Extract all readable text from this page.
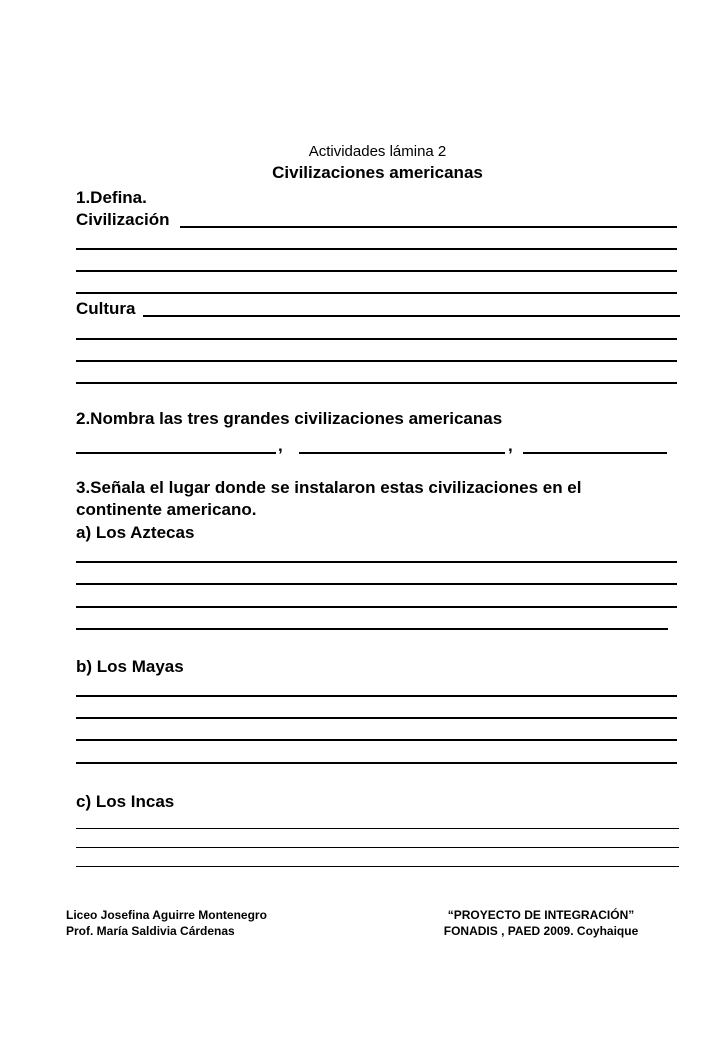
Actividades lámina 2
Civilizaciones americanas
1.Defina.
Civilización
Cultura
2.Nombra las tres grandes civilizaciones americanas
,	,
3.Señala el lugar donde se instalaron estas civilizaciones en el
continente americano.
a) Los Aztecas
b) Los Mayas
c) Los Incas
Liceo Josefina Aguirre Montenegro
Prof. María Saldivia Cárdenas
“PROYECTO DE INTEGRACIÓN”
FONADIS , PAED 2009. Coyhaique
